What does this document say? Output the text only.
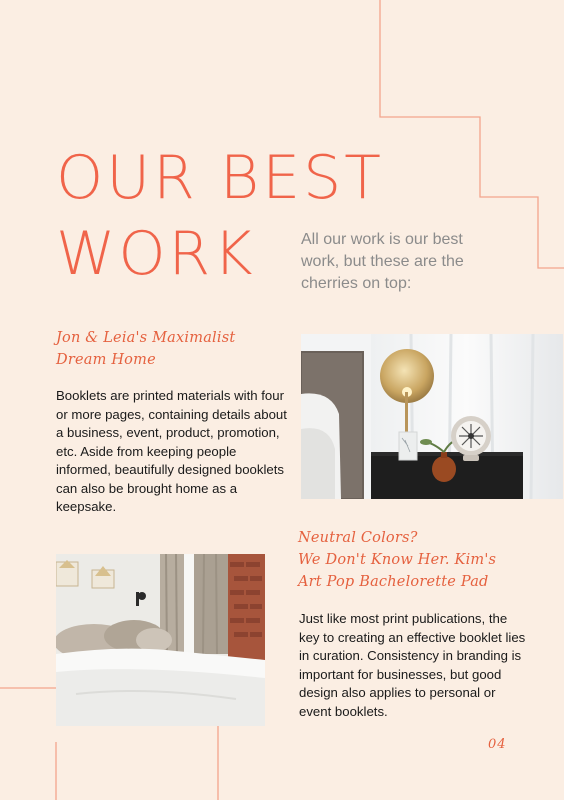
OUR BEST
WORK	All our work is our best work, but these are the cherries on top:
Jon & Leia's Maximalist
Dream Home
Booklets are printed materials with four or more pages, containing details about a business, event, product, promotion, etc. Aside from keeping people informed, beautifully designed booklets can also be brought home as a keepsake.
Neutral Colors?
We Don't Know Her. Kim's
Art Pop Bachelorette Pad
Just like most print publications, the key to creating an effective booklet lies in curation. Consistency in branding is important for businesses, but good design also applies to personal or event booklets.
04
